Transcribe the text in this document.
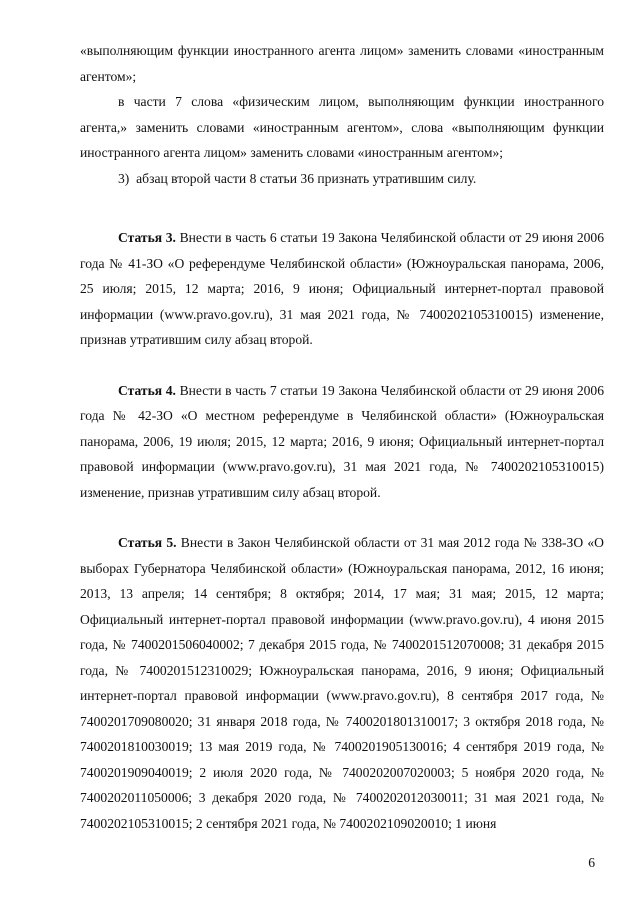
«выполняющим функции иностранного агента лицом» заменить словами «иностранным агентом»;

в части 7 слова «физическим лицом, выполняющим функции иностранного агента,» заменить словами «иностранным агентом», слова «выполняющим функции иностранного агента лицом» заменить словами «иностранным агентом»;

3)  абзац второй части 8 статьи 36 признать утратившим силу.

Статья 3. Внести в часть 6 статьи 19 Закона Челябинской области от 29 июня 2006 года № 41-ЗО «О референдуме Челябинской области» (Южноуральская панорама, 2006, 25 июля; 2015, 12 марта; 2016, 9 июня; Официальный интернет-портал правовой информации (www.pravo.gov.ru), 31 мая 2021 года, № 7400202105310015) изменение, признав утратившим силу абзац второй.

Статья 4. Внести в часть 7 статьи 19 Закона Челябинской области от 29 июня 2006 года № 42-ЗО «О местном референдуме в Челябинской области» (Южноуральская панорама, 2006, 19 июля; 2015, 12 марта; 2016, 9 июня; Официальный интернет-портал правовой информации (www.pravo.gov.ru), 31 мая 2021 года, № 7400202105310015) изменение, признав утратившим силу абзац второй.

Статья 5. Внести в Закон Челябинской области от 31 мая 2012 года № 338-ЗО «О выборах Губернатора Челябинской области» (Южноуральская панорама, 2012, 16 июня; 2013, 13 апреля; 14 сентября; 8 октября; 2014, 17 мая; 31 мая; 2015, 12 марта; Официальный интернет-портал правовой информации (www.pravo.gov.ru), 4 июня 2015 года, № 7400201506040002; 7 декабря 2015 года, № 7400201512070008; 31 декабря 2015 года, № 7400201512310029; Южноуральская панорама, 2016, 9 июня; Официальный интернет-портал правовой информации (www.pravo.gov.ru), 8 сентября 2017 года, № 7400201709080020; 31 января 2018 года, № 7400201801310017; 3 октября 2018 года, № 7400201810030019; 13 мая 2019 года, № 7400201905130016; 4 сентября 2019 года, № 7400201909040019; 2 июля 2020 года, № 7400202007020003; 5 ноября 2020 года, № 7400202011050006; 3 декабря 2020 года, № 7400202012030011; 31 мая 2021 года, № 7400202105310015; 2 сентября 2021 года, № 7400202109020010; 1 июня

6
